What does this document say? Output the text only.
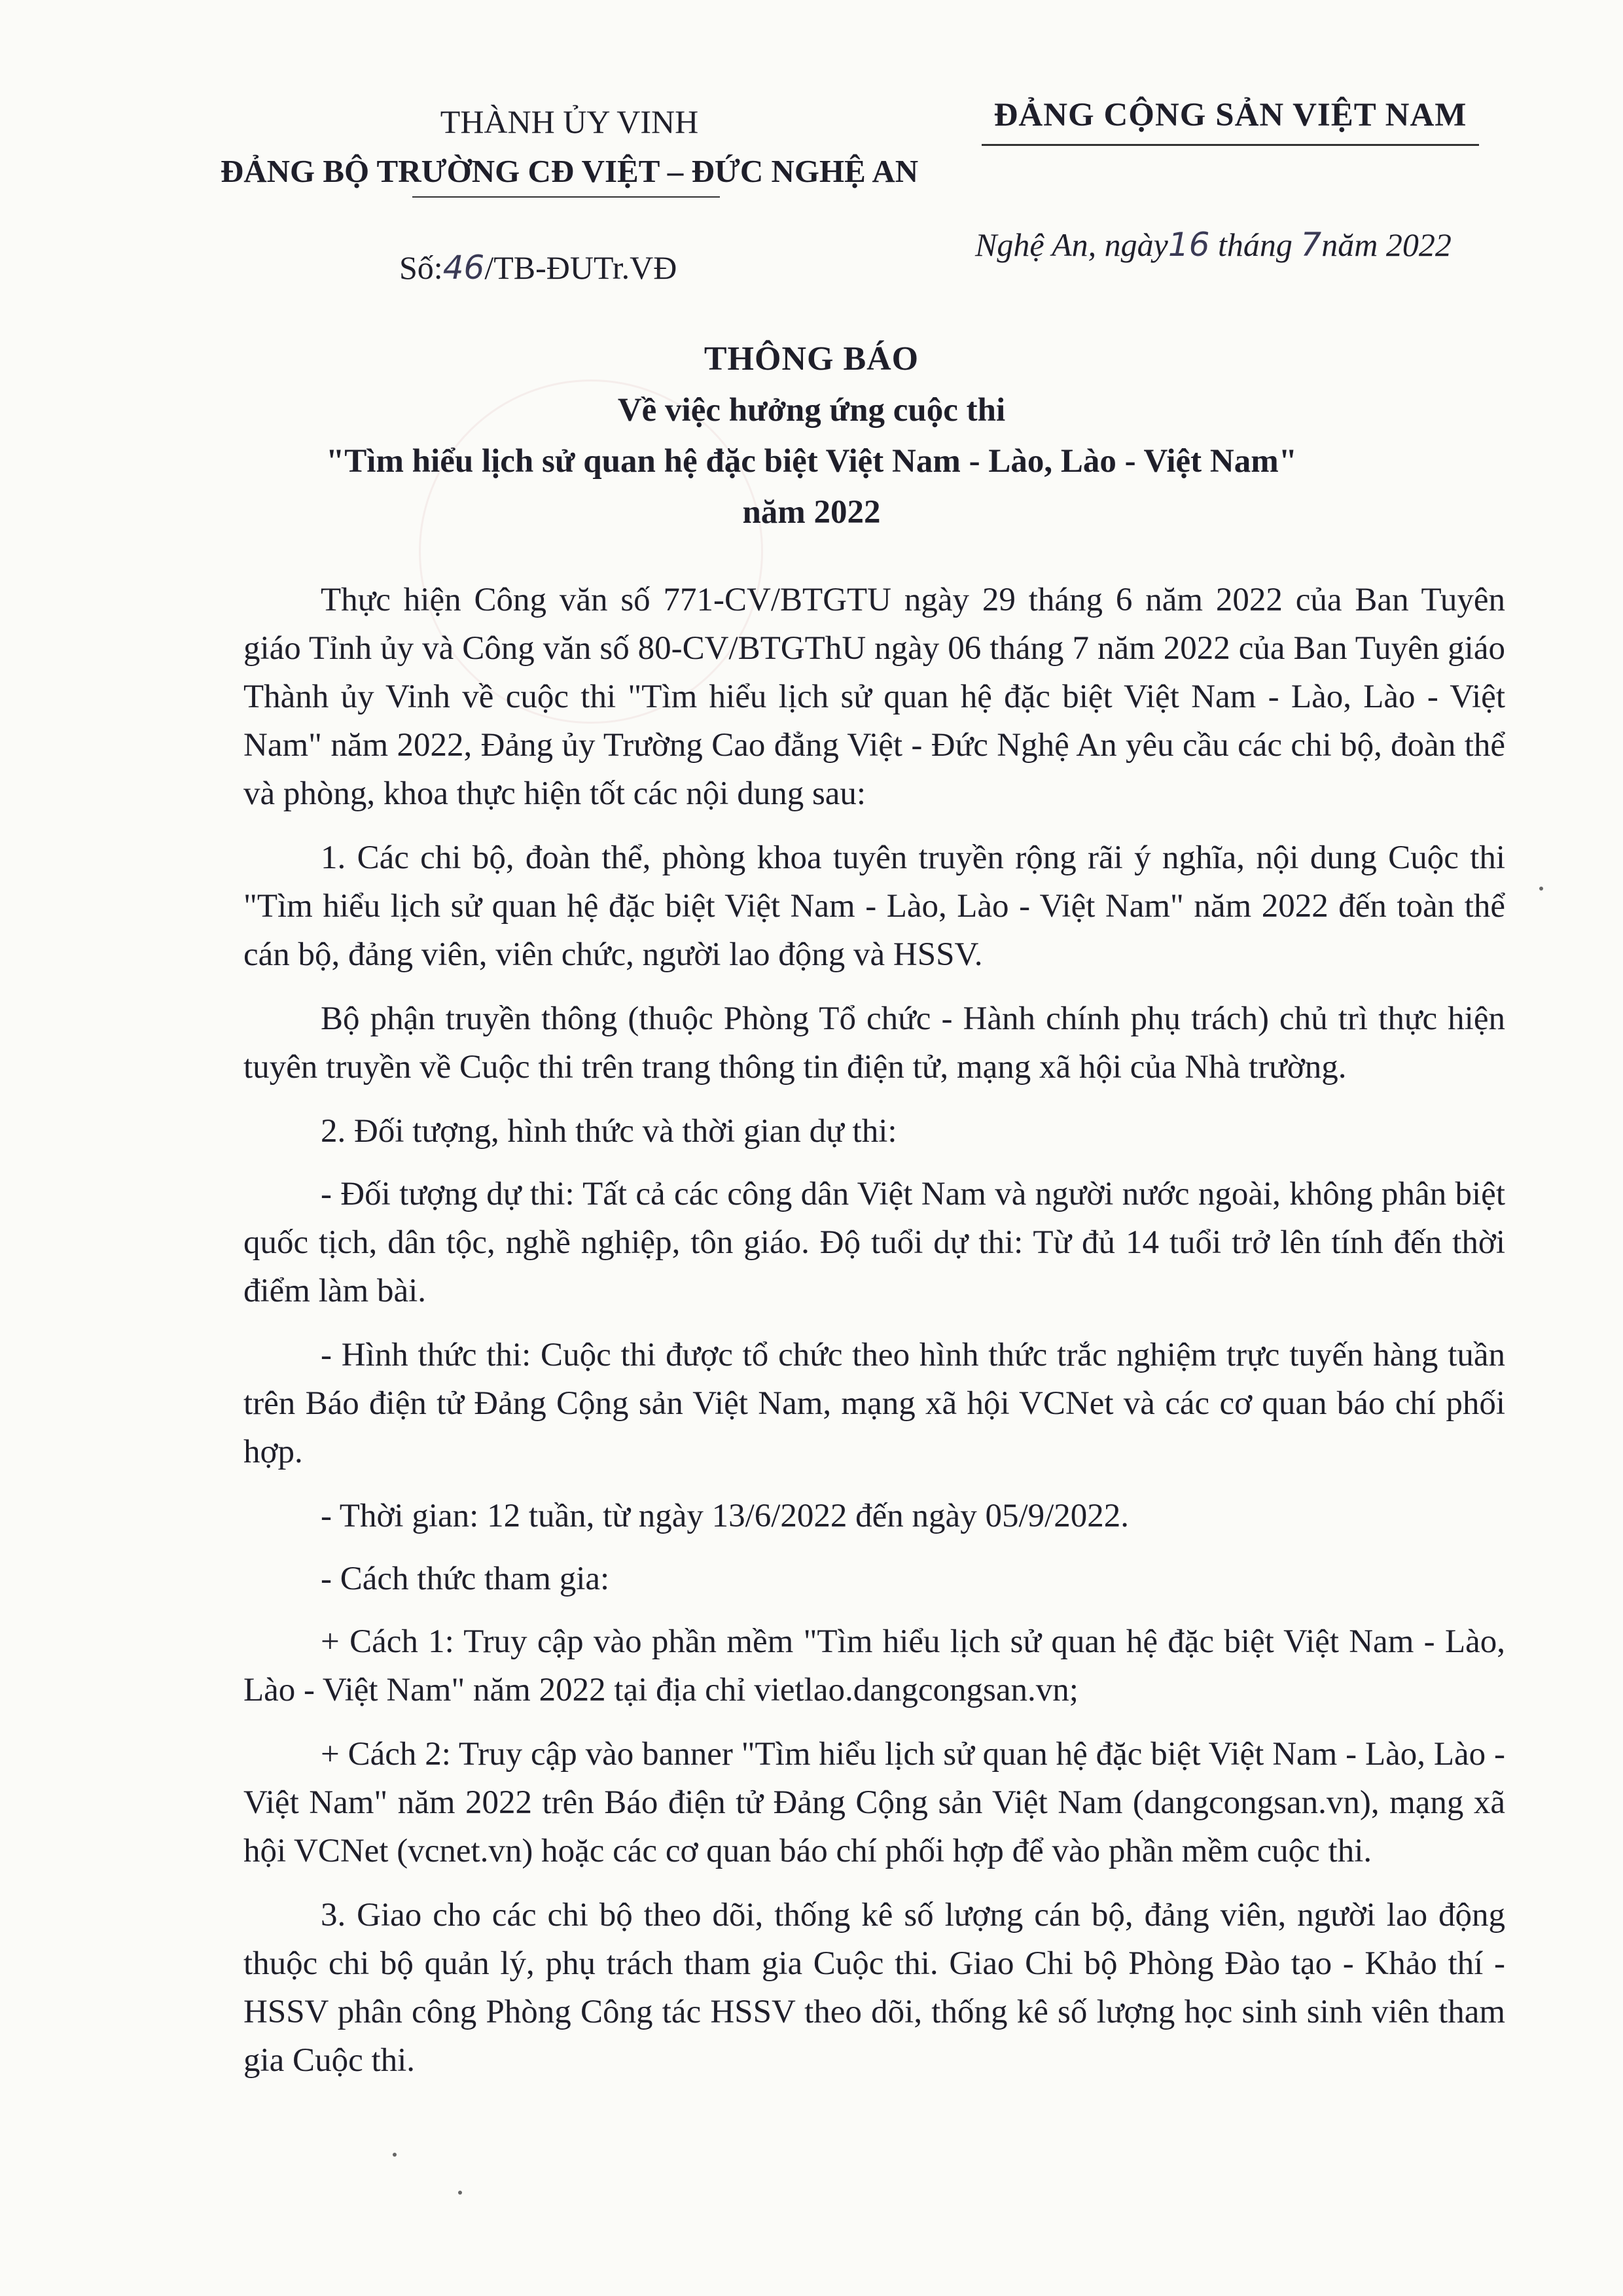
THÀNH ỦY VINH
ĐẢNG BỘ TRƯỜNG CĐ VIỆT – ĐỨC NGHỆ AN
ĐẢNG CỘNG SẢN VIỆT NAM
Số:46/TB-ĐUTr.VĐ
Nghệ An, ngày16 tháng 7năm 2022
THÔNG BÁO
Về việc hưởng ứng cuộc thi
"Tìm hiểu lịch sử quan hệ đặc biệt Việt Nam - Lào, Lào - Việt Nam"
năm 2022

Thực hiện Công văn số 771-CV/BTGTU ngày 29 tháng 6 năm 2022 của Ban Tuyên giáo Tỉnh ủy và Công văn số 80-CV/BTGThU ngày 06 tháng 7 năm 2022 của Ban Tuyên giáo Thành ủy Vinh về cuộc thi "Tìm hiểu lịch sử quan hệ đặc biệt Việt Nam - Lào, Lào - Việt Nam" năm 2022, Đảng ủy Trường Cao đẳng Việt - Đức Nghệ An yêu cầu các chi bộ, đoàn thể và phòng, khoa thực hiện tốt các nội dung sau:

1. Các chi bộ, đoàn thể, phòng khoa tuyên truyền rộng rãi ý nghĩa, nội dung Cuộc thi "Tìm hiểu lịch sử quan hệ đặc biệt Việt Nam - Lào, Lào - Việt Nam" năm 2022 đến toàn thể cán bộ, đảng viên, viên chức, người lao động và HSSV.

Bộ phận truyền thông (thuộc Phòng Tổ chức - Hành chính phụ trách) chủ trì thực hiện tuyên truyền về Cuộc thi trên trang thông tin điện tử, mạng xã hội của Nhà trường.

2. Đối tượng, hình thức và thời gian dự thi:

- Đối tượng dự thi: Tất cả các công dân Việt Nam và người nước ngoài, không phân biệt quốc tịch, dân tộc, nghề nghiệp, tôn giáo. Độ tuổi dự thi: Từ đủ 14 tuổi trở lên tính đến thời điểm làm bài.

- Hình thức thi: Cuộc thi được tổ chức theo hình thức trắc nghiệm trực tuyến hàng tuần trên Báo điện tử Đảng Cộng sản Việt Nam, mạng xã hội VCNet và các cơ quan báo chí phối hợp.

- Thời gian: 12 tuần, từ ngày 13/6/2022 đến ngày 05/9/2022.

- Cách thức tham gia:

+ Cách 1: Truy cập vào phần mềm "Tìm hiểu lịch sử quan hệ đặc biệt Việt Nam - Lào, Lào - Việt Nam" năm 2022 tại địa chỉ vietlao.dangcongsan.vn;

+ Cách 2: Truy cập vào banner "Tìm hiểu lịch sử quan hệ đặc biệt Việt Nam - Lào, Lào - Việt Nam" năm 2022 trên Báo điện tử Đảng Cộng sản Việt Nam (dangcongsan.vn), mạng xã hội VCNet (vcnet.vn) hoặc các cơ quan báo chí phối hợp để vào phần mềm cuộc thi.

3. Giao cho các chi bộ theo dõi, thống kê số lượng cán bộ, đảng viên, người lao động thuộc chi bộ quản lý, phụ trách tham gia Cuộc thi. Giao Chi bộ Phòng Đào tạo - Khảo thí - HSSV phân công Phòng Công tác HSSV theo dõi, thống kê số lượng học sinh sinh viên tham gia Cuộc thi.
